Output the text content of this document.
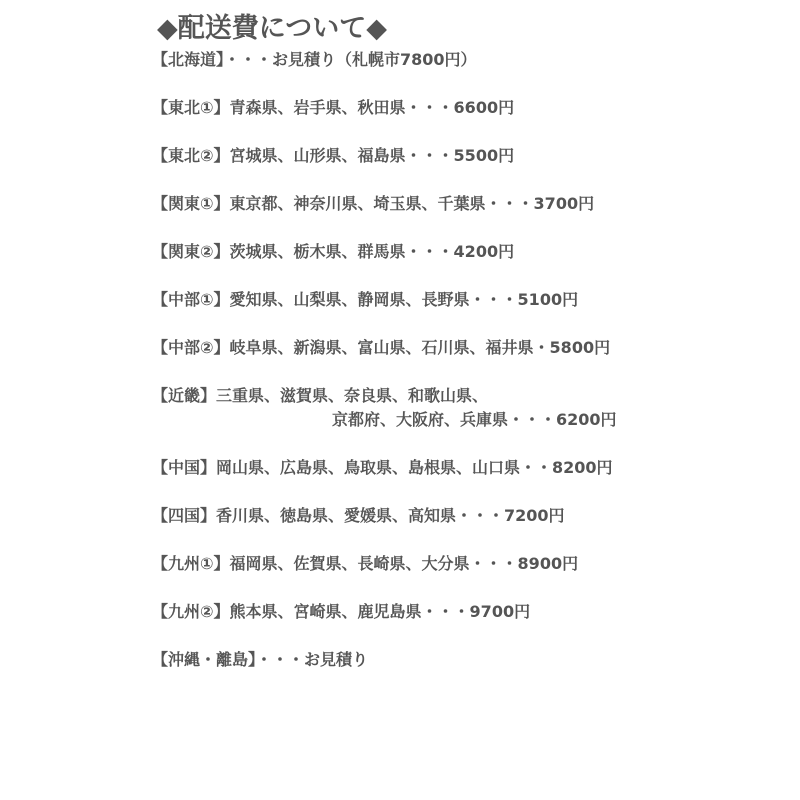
◆配送費について◆
【北海道】・・・お見積り（札幌市7800円）
【東北①】青森県、岩手県、秋田県・・・6600円
【東北②】宮城県、山形県、福島県・・・5500円
【関東①】東京都、神奈川県、埼玉県、千葉県・・・3700円
【関東②】茨城県、栃木県、群馬県・・・4200円
【中部①】愛知県、山梨県、静岡県、長野県・・・5100円
【中部②】岐阜県、新潟県、富山県、石川県、福井県・5800円
【近畿】三重県、滋賀県、奈良県、和歌山県、
京都府、大阪府、兵庫県・・・6200円
【中国】岡山県、広島県、鳥取県、島根県、山口県・・8200円
【四国】香川県、徳島県、愛媛県、高知県・・・7200円
【九州①】福岡県、佐賀県、長崎県、大分県・・・8900円
【九州②】熊本県、宮崎県、鹿児島県・・・9700円
【沖縄・離島】・・・お見積り
